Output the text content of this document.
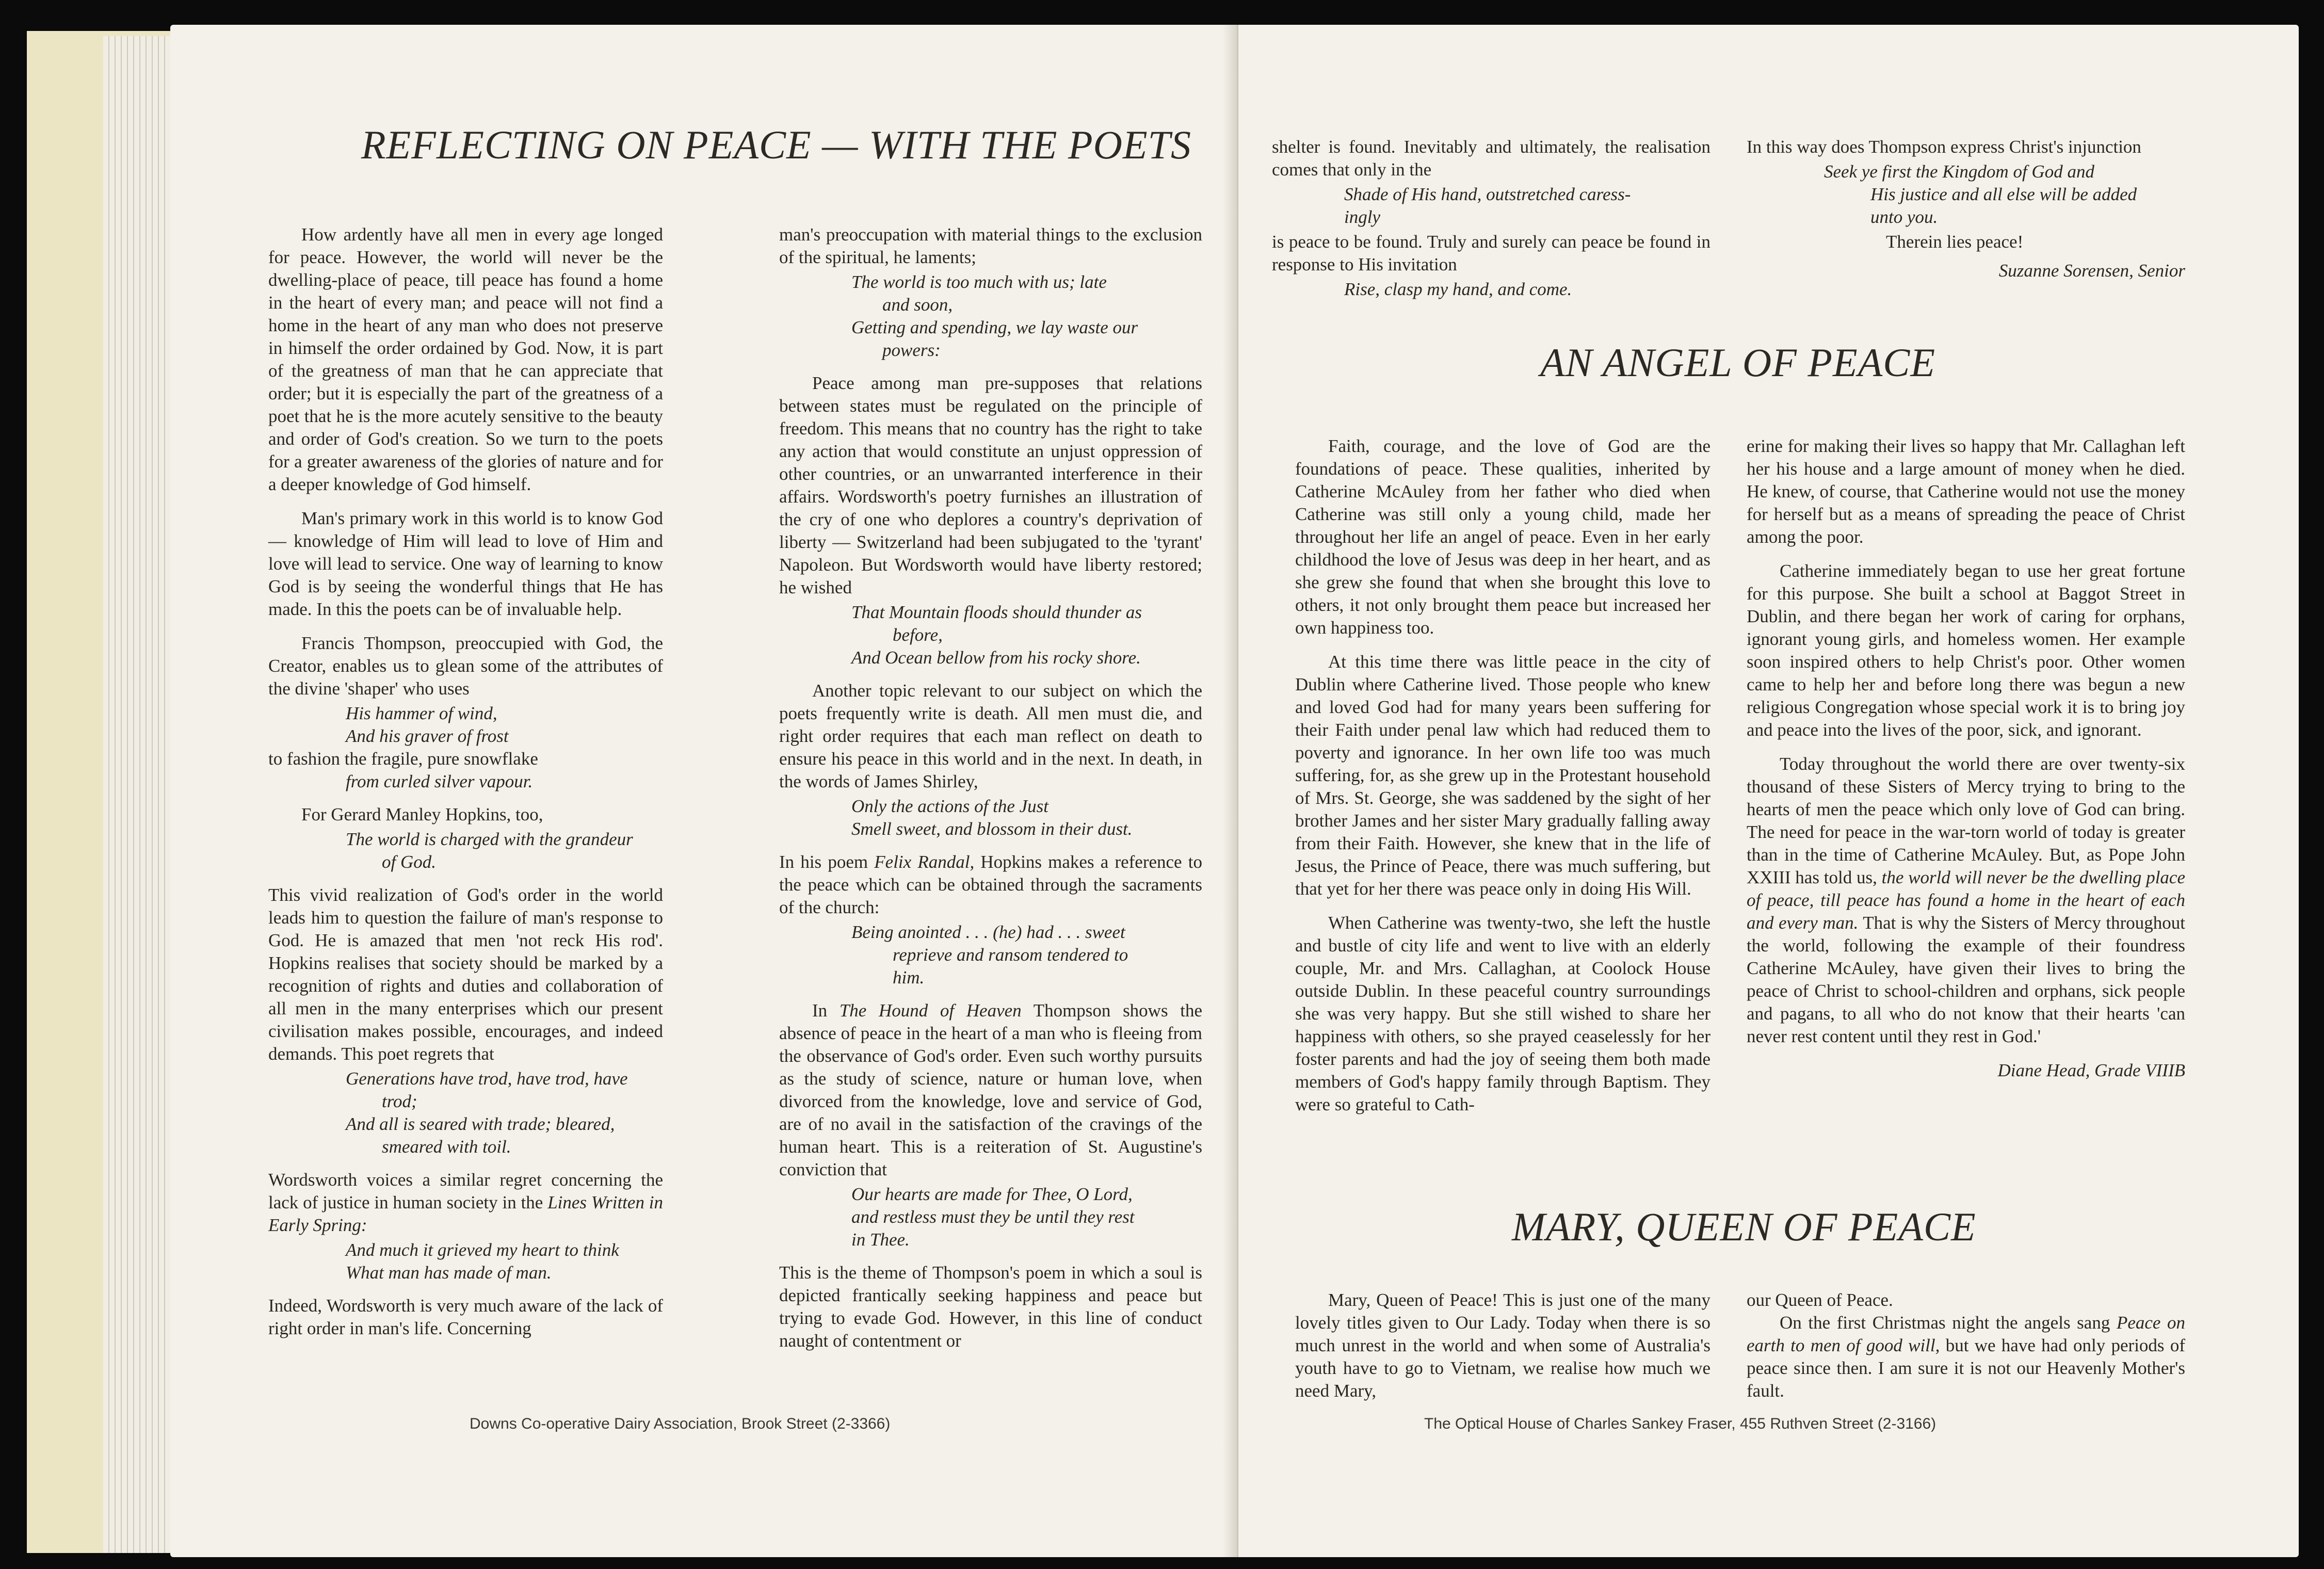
REFLECTING ON PEACE — WITH THE POETS

How ardently have all men in every age longed for peace. However, the world will never be the dwelling-place of peace, till peace has found a home in the heart of every man; and peace will not find a home in the heart of any man who does not preserve in himself the order ordained by God. Now, it is part of the greatness of man that he can appreciate that order; but it is especially the part of the greatness of a poet that he is the more acutely sensitive to the beauty and order of God's creation. So we turn to the poets for a greater awareness of the glories of nature and for a deeper knowledge of God himself.

Man's primary work in this world is to know God — knowledge of Him will lead to love of Him and love will lead to service. One way of learning to know God is by seeing the wonderful things that He has made. In this the poets can be of invaluable help.

Francis Thompson, preoccupied with God, the Creator, enables us to glean some of the attributes of the divine 'shaper' who uses

His hammer of wind,
And his graver of frost

to fashion the fragile, pure snowflake

from curled silver vapour.

For Gerard Manley Hopkins, too,

The world is charged with the grandeur
of God.

This vivid realization of God's order in the world leads him to question the failure of man's response to God. He is amazed that men 'not reck His rod'. Hopkins realises that society should be marked by a recognition of rights and duties and collaboration of all men in the many enterprises which our present civilisation makes possible, encourages, and indeed demands. This poet regrets that

Generations have trod, have trod, have
trod;
And all is seared with trade; bleared,
smeared with toil.

Wordsworth voices a similar regret concerning the lack of justice in human society in the Lines Written in Early Spring:

And much it grieved my heart to think
What man has made of man.

Indeed, Wordsworth is very much aware of the lack of right order in man's life. Concerning

man's preoccupation with material things to the exclusion of the spiritual, he laments;

The world is too much with us; late
and soon,
Getting and spending, we lay waste our
powers:

Peace among man pre-supposes that relations between states must be regulated on the principle of freedom. This means that no country has the right to take any action that would constitute an unjust oppression of other countries, or an unwarranted interference in their affairs. Wordsworth's poetry furnishes an illustration of the cry of one who deplores a country's deprivation of liberty — Switzerland had been subjugated to the 'tyrant' Napoleon. But Wordsworth would have liberty restored; he wished

That Mountain floods should thunder as
before,
And Ocean bellow from his rocky shore.

Another topic relevant to our subject on which the poets frequently write is death. All men must die, and right order requires that each man reflect on death to ensure his peace in this world and in the next. In death, in the words of James Shirley,

Only the actions of the Just
Smell sweet, and blossom in their dust.

In his poem Felix Randal, Hopkins makes a reference to the peace which can be obtained through the sacraments of the church:

Being anointed . . . (he) had . . . sweet
reprieve and ransom tendered to
him.

In The Hound of Heaven Thompson shows the absence of peace in the heart of a man who is fleeing from the observance of God's order. Even such worthy pursuits as the study of science, nature or human love, when divorced from the knowledge, love and service of God, are of no avail in the satisfaction of the cravings of the human heart. This is a reiteration of St. Augustine's conviction that

Our hearts are made for Thee, O Lord,
and restless must they be until they rest
in Thee.

This is the theme of Thompson's poem in which a soul is depicted frantically seeking happiness and peace but trying to evade God. However, in this line of conduct naught of contentment or

Downs Co-operative Dairy Association, Brook Street (2-3366)

shelter is found. Inevitably and ultimately, the realisation comes that only in the

Shade of His hand, outstretched caress-
ingly

is peace to be found. Truly and surely can peace be found in response to His invitation

Rise, clasp my hand, and come.

In this way does Thompson express Christ's injunction

Seek ye first the Kingdom of God and
His justice and all else will be added
unto you.

Therein lies peace!

Suzanne Sorensen, Senior
AN ANGEL OF PEACE

Faith, courage, and the love of God are the foundations of peace. These qualities, inherited by Catherine McAuley from her father who died when Catherine was still only a young child, made her throughout her life an angel of peace. Even in her early childhood the love of Jesus was deep in her heart, and as she grew she found that when she brought this love to others, it not only brought them peace but increased her own happiness too.

At this time there was little peace in the city of Dublin where Catherine lived. Those people who knew and loved God had for many years been suffering for their Faith under penal law which had reduced them to poverty and ignorance. In her own life too was much suffering, for, as she grew up in the Protestant household of Mrs. St. George, she was saddened by the sight of her brother James and her sister Mary gradually falling away from their Faith. However, she knew that in the life of Jesus, the Prince of Peace, there was much suffering, but that yet for her there was peace only in doing His Will.

When Catherine was twenty-two, she left the hustle and bustle of city life and went to live with an elderly couple, Mr. and Mrs. Callaghan, at Coolock House outside Dublin. In these peaceful country surroundings she was very happy. But she still wished to share her happiness with others, so she prayed ceaselessly for her foster parents and had the joy of seeing them both made members of God's happy family through Baptism. They were so grateful to Cath-

erine for making their lives so happy that Mr. Callaghan left her his house and a large amount of money when he died. He knew, of course, that Catherine would not use the money for herself but as a means of spreading the peace of Christ among the poor.

Catherine immediately began to use her great fortune for this purpose. She built a school at Baggot Street in Dublin, and there began her work of caring for orphans, ignorant young girls, and homeless women. Her example soon inspired others to help Christ's poor. Other women came to help her and before long there was begun a new religious Congregation whose special work it is to bring joy and peace into the lives of the poor, sick, and ignorant.

Today throughout the world there are over twenty-six thousand of these Sisters of Mercy trying to bring to the hearts of men the peace which only love of God can bring. The need for peace in the war-torn world of today is greater than in the time of Catherine McAuley. But, as Pope John XXIII has told us, the world will never be the dwelling place of peace, till peace has found a home in the heart of each and every man. That is why the Sisters of Mercy throughout the world, following the example of their foundress Catherine McAuley, have given their lives to bring the peace of Christ to school-children and orphans, sick people and pagans, to all who do not know that their hearts 'can never rest content until they rest in God.'

Diane Head, Grade VIIIB
MARY, QUEEN OF PEACE

Mary, Queen of Peace! This is just one of the many lovely titles given to Our Lady. Today when there is so much unrest in the world and when some of Australia's youth have to go to Vietnam, we realise how much we need Mary,

our Queen of Peace.

On the first Christmas night the angels sang Peace on earth to men of good will, but we have had only periods of peace since then. I am sure it is not our Heavenly Mother's fault.

The Optical House of Charles Sankey Fraser, 455 Ruthven Street (2-3166)
